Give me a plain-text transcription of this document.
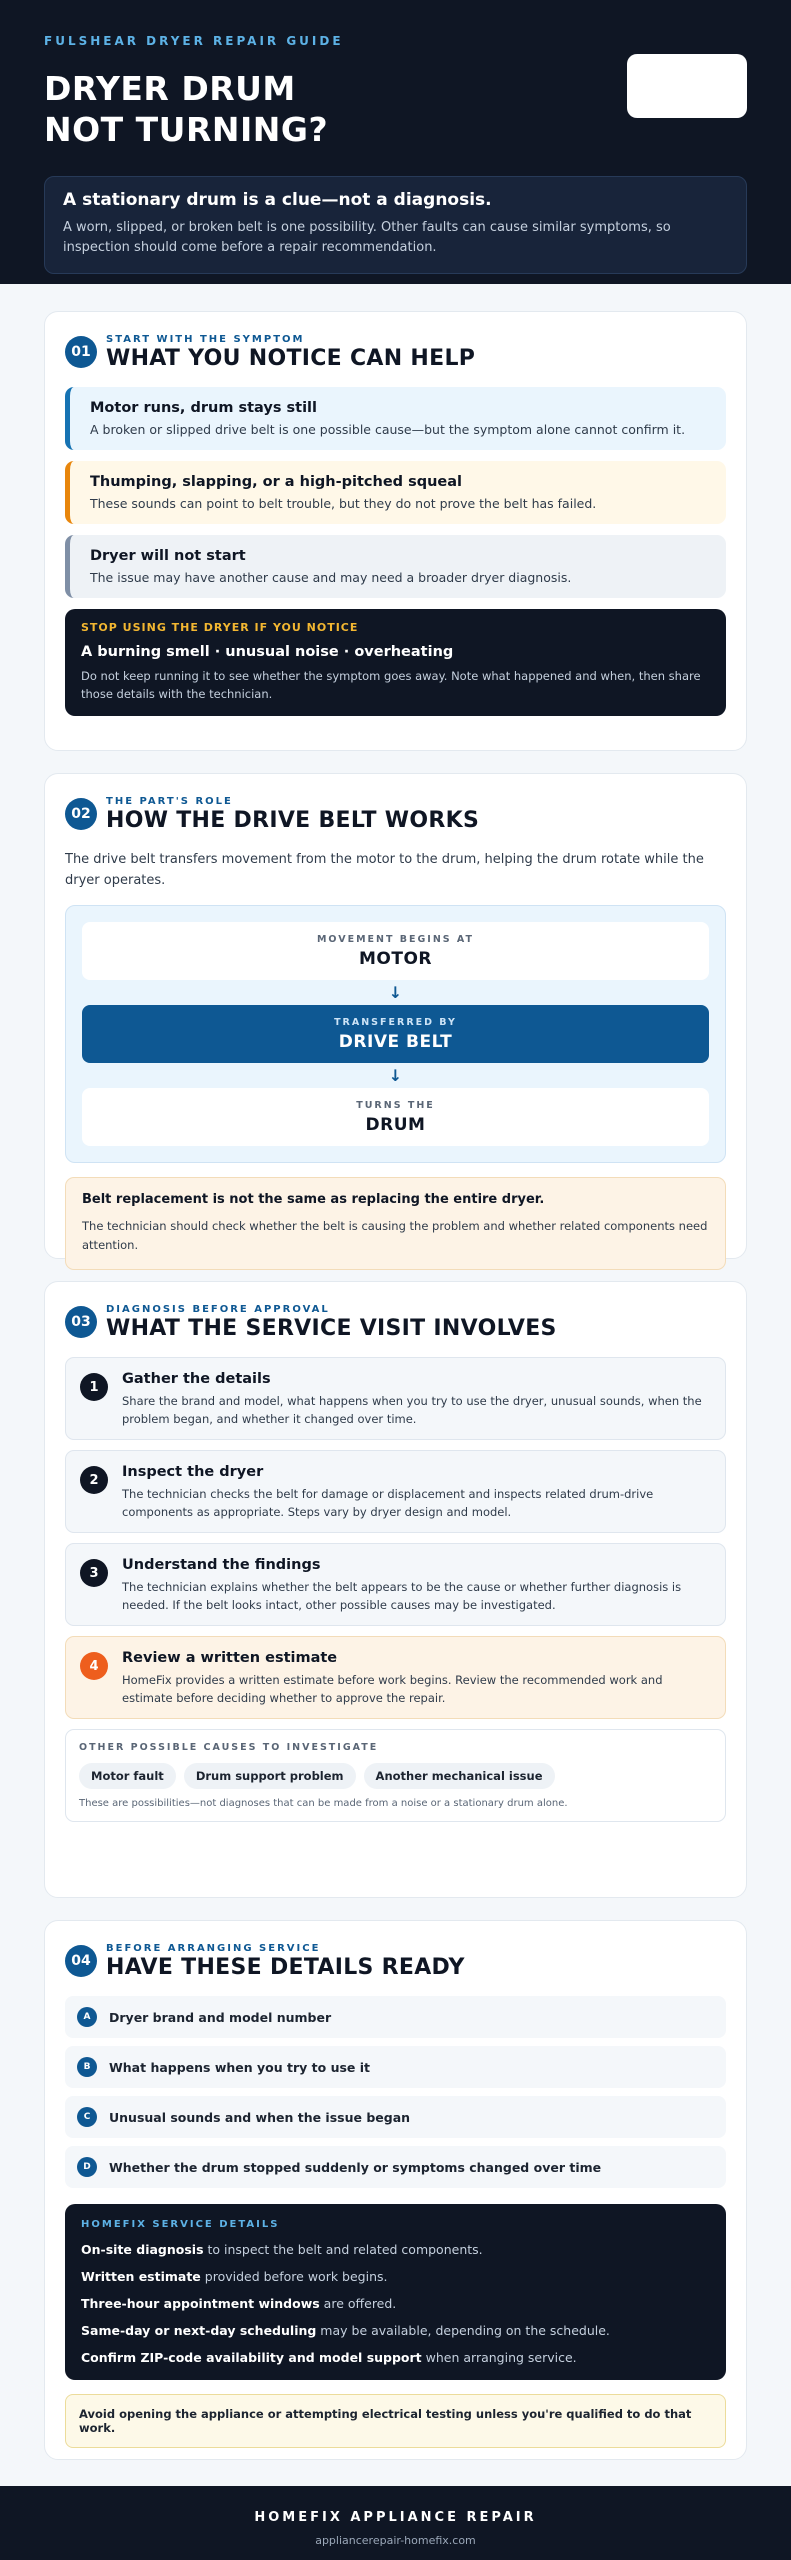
FULSHEAR DRYER REPAIR GUIDE
DRYER DRUM NOT TURNING?
A stationary drum is a clue—not a diagnosis.
A worn, slipped, or broken belt is one possibility. Other faults can cause similar symptoms, so inspection should come before a repair recommendation.
01
START WITH THE SYMPTOM
WHAT YOU NOTICE CAN HELP
Motor runs, drum stays still
A broken or slipped drive belt is one possible cause—but the symptom alone cannot confirm it.
Thumping, slapping, or a high-pitched squeal
These sounds can point to belt trouble, but they do not prove the belt has failed.
Dryer will not start
The issue may have another cause and may need a broader dryer diagnosis.
STOP USING THE DRYER IF YOU NOTICE
A burning smell · unusual noise · overheating
Do not keep running it to see whether the symptom goes away. Note what happened and when, then share those details with the technician.
02
THE PART'S ROLE
HOW THE DRIVE BELT WORKS

The drive belt transfers movement from the motor to the drum, helping the drum rotate while the dryer operates.

MOVEMENT BEGINS AT
MOTOR
↓
TRANSFERRED BY
DRIVE BELT
↓
TURNS THE
DRUM
Belt replacement is not the same as replacing the entire dryer.
The technician should check whether the belt is causing the problem and whether related components need attention.
03
DIAGNOSIS BEFORE APPROVAL
WHAT THE SERVICE VISIT INVOLVES
1	Gather the details
Share the brand and model, what happens when you try to use the dryer, unusual sounds, when the problem began, and whether it changed over time.
2	Inspect the dryer
The technician checks the belt for damage or displacement and inspects related drum-drive components as appropriate. Steps vary by dryer design and model.
3	Understand the findings
The technician explains whether the belt appears to be the cause or whether further diagnosis is needed. If the belt looks intact, other possible causes may be investigated.
4	Review a written estimate
HomeFix provides a written estimate before work begins. Review the recommended work and estimate before deciding whether to approve the repair.
OTHER POSSIBLE CAUSES TO INVESTIGATE
Motor fault	Drum support problem	Another mechanical issue
These are possibilities—not diagnoses that can be made from a noise or a stationary drum alone.
04
BEFORE ARRANGING SERVICE
HAVE THESE DETAILS READY
A	Dryer brand and model number
B	What happens when you try to use it
C	Unusual sounds and when the issue began
D	Whether the drum stopped suddenly or symptoms changed over time
HOMEFIX SERVICE DETAILS
On-site diagnosis to inspect the belt and related components.
Written estimate provided before work begins.
Three-hour appointment windows are offered.
Same-day or next-day scheduling may be available, depending on the schedule.
Confirm ZIP-code availability and model support when arranging service.
Avoid opening the appliance or attempting electrical testing unless you're qualified to do that work.
HOMEFIX APPLIANCE REPAIR
appliancerepair-homefix.com
